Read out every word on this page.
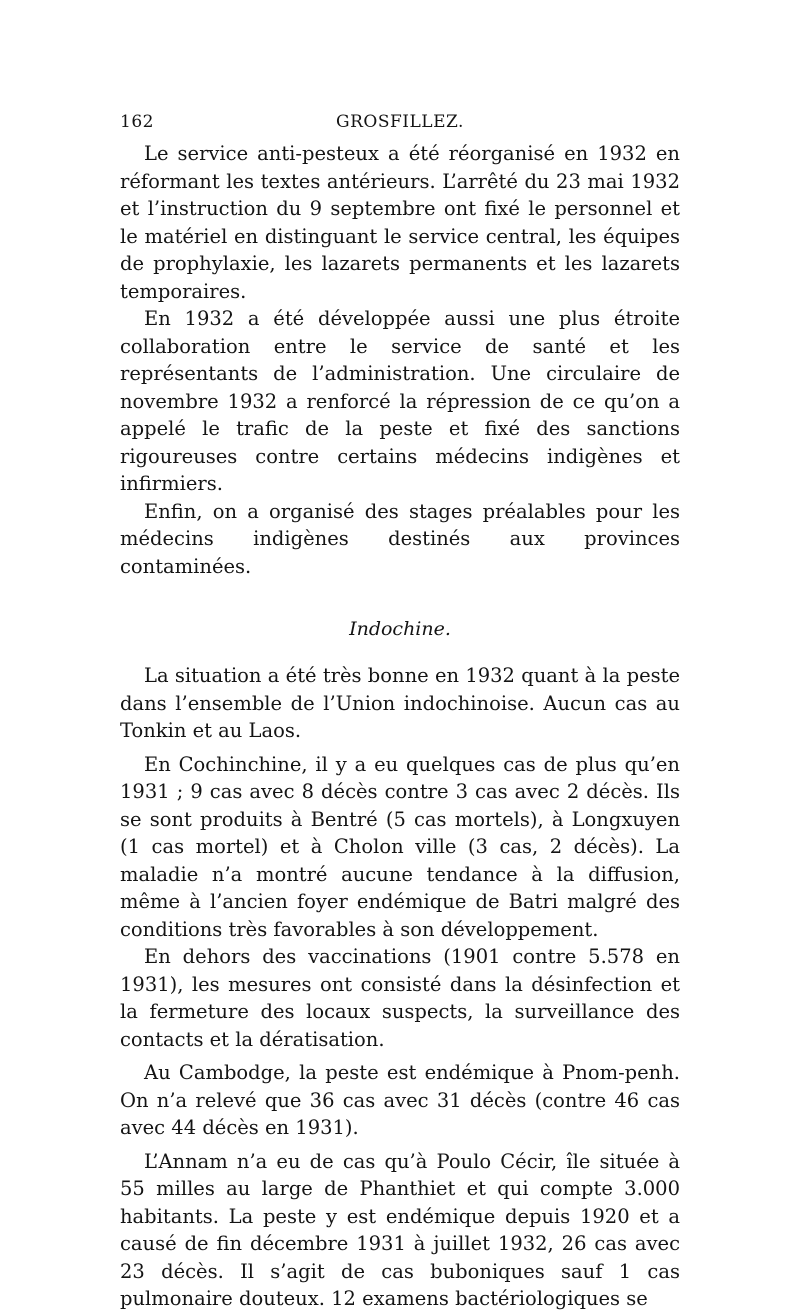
162	GROSFILLEZ.

Le service anti-pesteux a été réorganisé en 1932 en réformant les textes antérieurs. L’arrêté du 23 mai 1932 et l’instruction du 9 septembre ont fixé le personnel et le matériel en distinguant le service central, les équipes de prophylaxie, les lazarets permanents et les lazarets temporaires.

En 1932 a été développée aussi une plus étroite collaboration entre le service de santé et les représentants de l’administration. Une circulaire de novembre 1932 a renforcé la répression de ce qu’on a appelé le trafic de la peste et fixé des sanctions rigoureuses contre certains médecins indigènes et infirmiers.

Enfin, on a organisé des stages préalables pour les médecins indigènes destinés aux provinces contaminées.

Indochine.

La situation a été très bonne en 1932 quant à la peste dans l’ensemble de l’Union indochinoise. Aucun cas au Tonkin et au Laos.

En Cochinchine, il y a eu quelques cas de plus qu’en 1931 ; 9 cas avec 8 décès contre 3 cas avec 2 décès. Ils se sont produits à Bentré (5 cas mortels), à Longxuyen (1 cas mortel) et à Cholon ville (3 cas, 2 décès). La maladie n’a montré aucune tendance à la diffusion, même à l’ancien foyer endémique de Batri malgré des conditions très favorables à son développement.

En dehors des vaccinations (1901 contre 5.578 en 1931), les mesures ont consisté dans la désinfection et la fermeture des locaux suspects, la surveillance des contacts et la dératisation.

Au Cambodge, la peste est endémique à Pnom-penh. On n’a relevé que 36 cas avec 31 décès (contre 46 cas avec 44 décès en 1931).

L’Annam n’a eu de cas qu’à Poulo Cécir, île située à 55 milles au large de Phanthiet et qui compte 3.000 habitants. La peste y est endémique depuis 1920 et a causé de fin décembre 1931 à juillet 1932, 26 cas avec 23 décès. Il s’agit de cas buboniques sauf 1 cas pulmonaire douteux. 12 examens bactériologiques se
